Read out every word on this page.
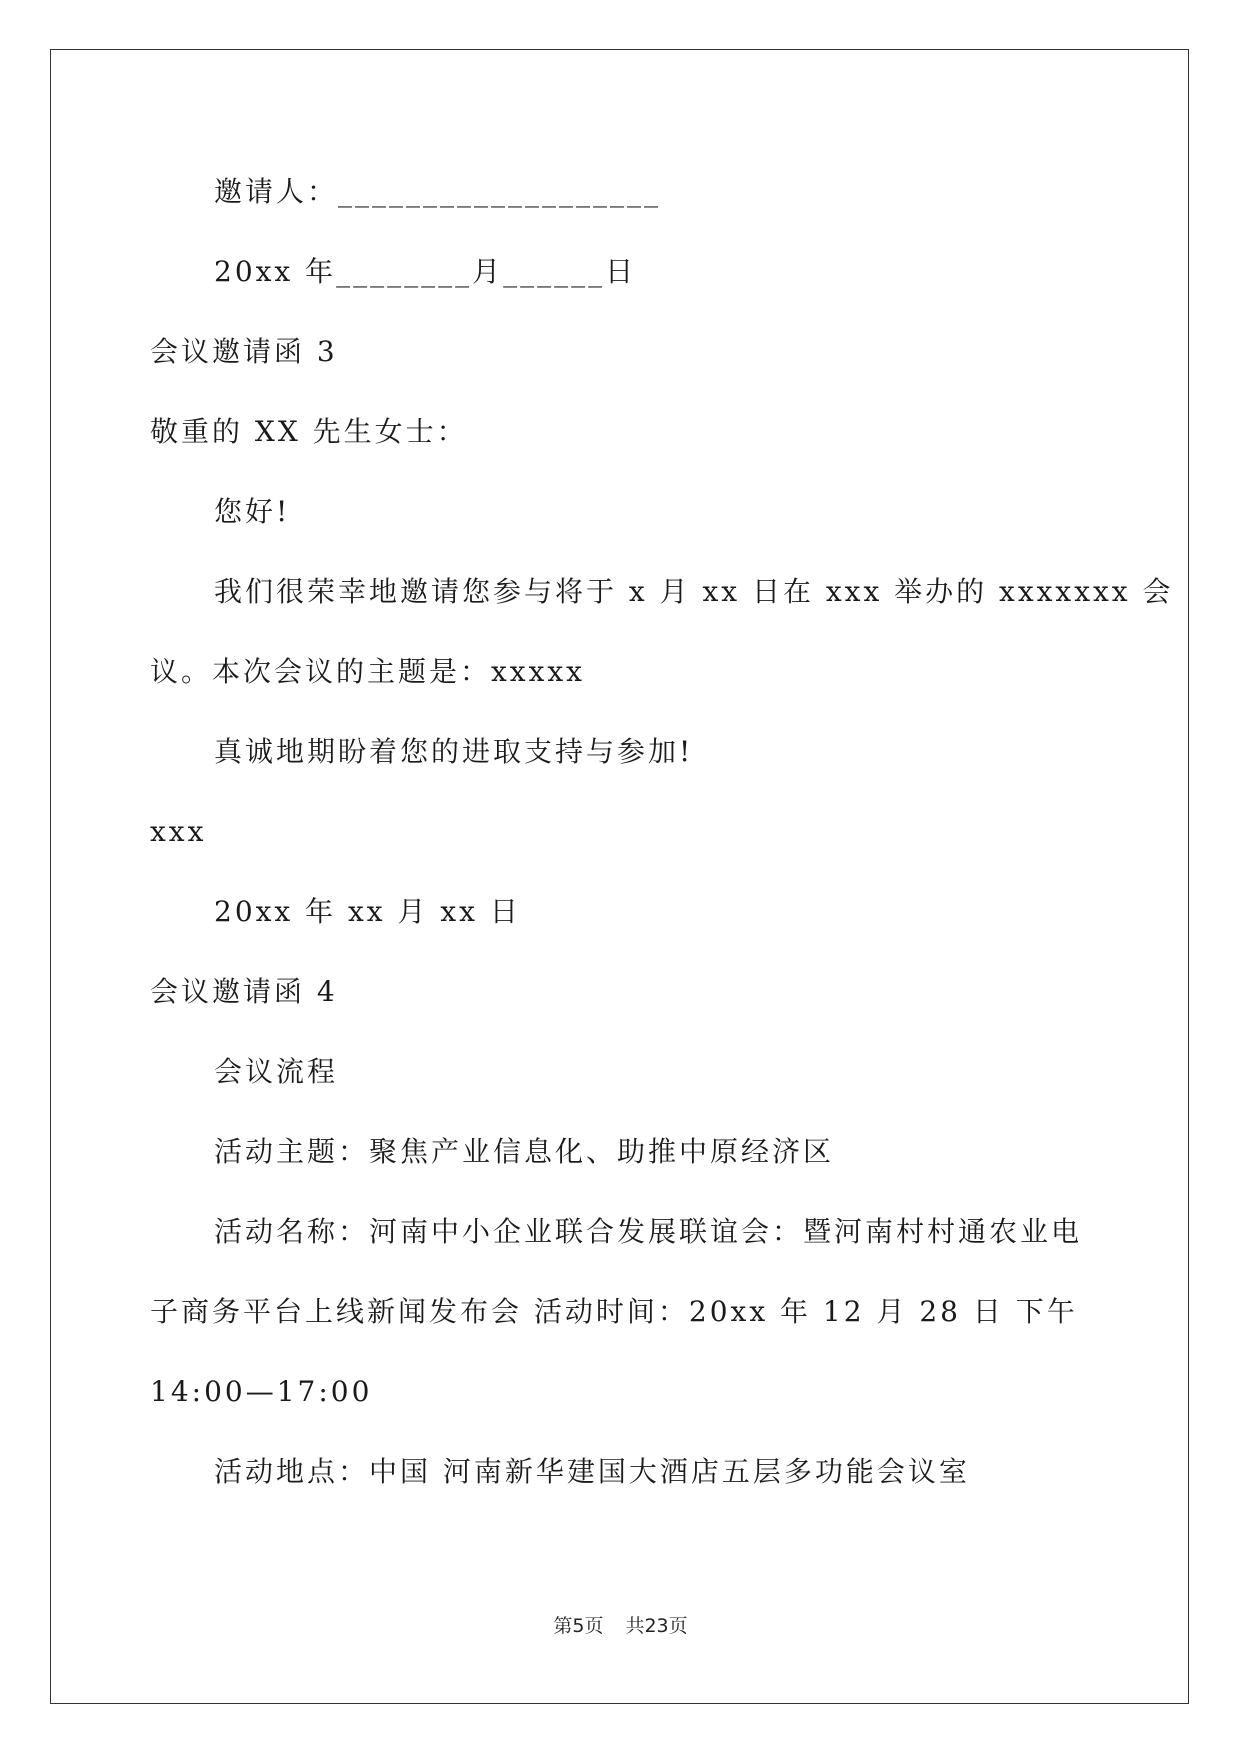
邀请人：___________________
20xx 年________月______日
会议邀请函 3
敬重的 XX 先生女士：
您好!
我们很荣幸地邀请您参与将于 x 月 xx 日在 xxx 举办的 xxxxxxx 会
议。本次会议的主题是：xxxxx
真诚地期盼着您的进取支持与参加!
xxx
20xx 年 xx 月 xx 日
会议邀请函 4
会议流程
活动主题：聚焦产业信息化、助推中原经济区
活动名称：河南中小企业联合发展联谊会：暨河南村村通农业电
子商务平台上线新闻发布会 活动时间：20xx 年 12 月 28 日 下午
14:00—17:00
活动地点：中国 河南新华建国大酒店五层多功能会议室
第5页 共23页
